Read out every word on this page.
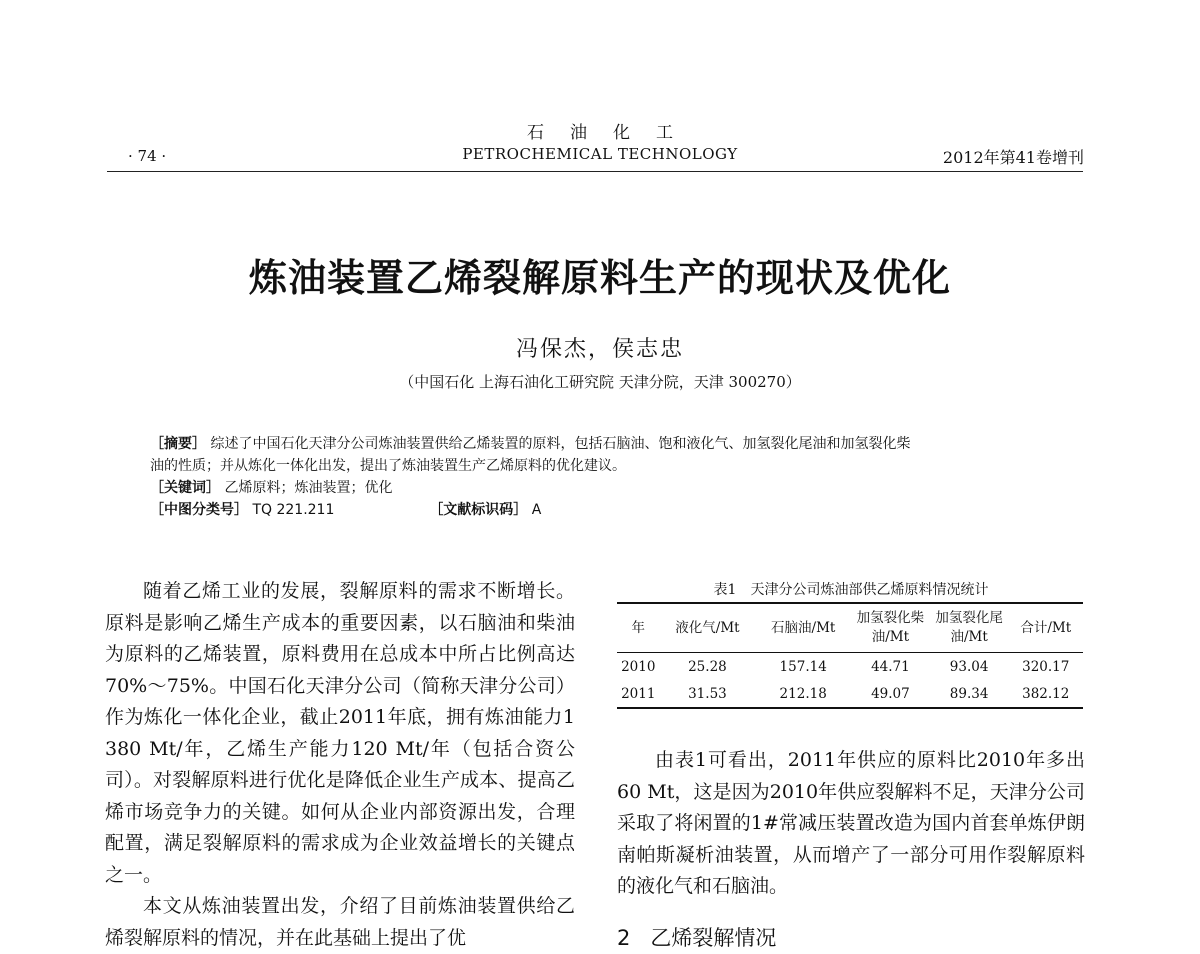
石油化工
· 74 ·	PETROCHEMICAL TECHNOLOGY	2012年第41卷增刊
炼油装置乙烯裂解原料生产的现状及优化
冯保杰，侯志忠
（中国石化 上海石油化工研究院 天津分院，天津 300270）
［摘要］ 综述了中国石化天津分公司炼油装置供给乙烯装置的原料，包括石脑油、饱和液化气、加氢裂化尾油和加氢裂化柴
油的性质；并从炼化一体化出发，提出了炼油装置生产乙烯原料的优化建议。
［关键词］ 乙烯原料；炼油装置；优化
［中图分类号］ TQ 221.211	［文献标识码］ A

随着乙烯工业的发展，裂解原料的需求不断增长。原料是影响乙烯生产成本的重要因素，以石脑油和柴油为原料的乙烯装置，原料费用在总成本中所占比例高达70%～75%。中国石化天津分公司（简称天津分公司）作为炼化一体化企业，截止2011年底，拥有炼油能力1 380 Mt/年，乙烯生产能力120 Mt/年（包括合资公司）。对裂解原料进行优化是降低企业生产成本、提高乙烯市场竞争力的关键。如何从企业内部资源出发，合理配置，满足裂解原料的需求成为企业效益增长的关键点之一。

本文从炼油装置出发，介绍了目前炼油装置供给乙烯裂解原料的情况，并在此基础上提出了优

表1　天津分公司炼油部供乙烯原料情况统计
年	液化气/Mt	石脑油/Mt	加氢裂化柴油/Mt	加氢裂化尾油/Mt	合计/Mt
2010	25.28	157.14	44.71	93.04	320.17
2011	31.53	212.18	49.07	89.34	382.12

由表1可看出，2011年供应的原料比2010年多出60 Mt，这是因为2010年供应裂解料不足，天津分公司采取了将闲置的1#常减压装置改造为国内首套单炼伊朗南帕斯凝析油装置，从而增产了一部分可用作裂解原料的液化气和石脑油。

2 乙烯裂解情况
